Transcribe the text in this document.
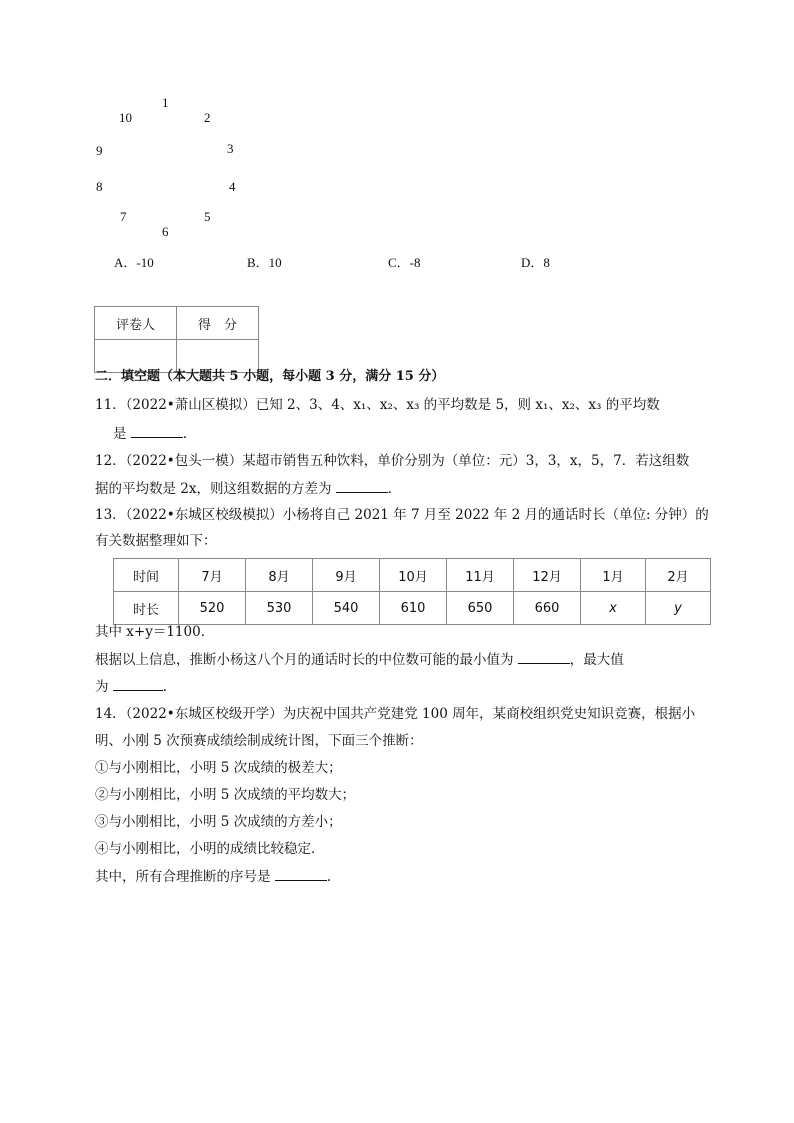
1
2
3
4
5
6
7
8
9
10
A．-10	B．10	C．-8	D．8
评卷人	得　分

二．填空题（本大题共 5 小题，每小题 3 分，满分 15 分）
11．（2022•萧山区模拟）已知 2、3、4、x₁、x₂、x₃ 的平均数是 5，则 x₁、x₂、x₃ 的平均数
是	.
12．（2022•包头一模）某超市销售五种饮料，单价分别为（单位：元）3，3，x，5，7．若这组数
据的平均数是 2x，则这组数据的方差为	．
13．（2022•东城区校级模拟）小杨将自己 2021 年 7 月至 2022 年 2 月的通话时长（单位: 分钟）的
有关数据整理如下：
时间	7月	8月	9月	10月	11月	12月	1月	2月
时长	520	530	540	610	650	660	x	y
其中 x+y＝1100．
根据以上信息，推断小杨这八个月的通话时长的中位数可能的最小值为	，最大值
为	.
14．（2022•东城区校级开学）为庆祝中国共产党建党 100 周年，某商校组织党史知识竞赛，根据小
明、小刚 5 次预赛成绩绘制成统计图，下面三个推断：
①与小刚相比，小明 5 次成绩的极差大；
②与小刚相比，小明 5 次成绩的平均数大；
③与小刚相比，小明 5 次成绩的方差小；
④与小刚相比，小明的成绩比较稳定．
其中，所有合理推断的序号是	.
